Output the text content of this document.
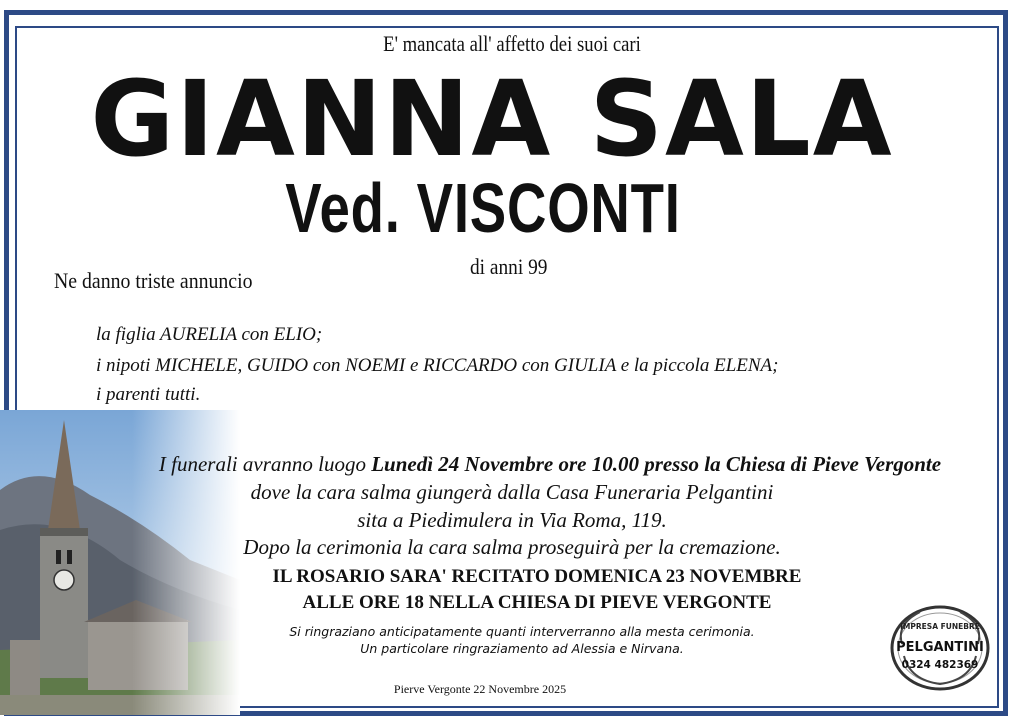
E' mancata all' affetto dei suoi cari
GIANNA SALA
Ved. VISCONTI
di anni 99
Ne danno triste annuncio
la figlia AURELIA con ELIO;
i nipoti MICHELE, GUIDO con NOEMI e RICCARDO con GIULIA e la piccola ELENA;
i parenti tutti.
I funerali avranno luogo Lunedì 24 Novembre ore 10.00 presso la Chiesa di Pieve Vergonte
dove la cara salma giungerà dalla Casa Funeraria Pelgantini
sita a Piedimulera in Via Roma, 119.
Dopo la cerimonia la cara salma proseguirà per la cremazione.
IL ROSARIO SARA' RECITATO DOMENICA 23 NOVEMBRE
ALLE ORE 18 NELLA CHIESA DI PIEVE VERGONTE
Si ringraziano anticipatamente quanti interverranno alla mesta cerimonia.
Un particolare ringraziamento ad Alessia e Nirvana.
Pierve Vergonte 22 Novembre 2025
IMPRESA FUNEBRE
PELGANTINI
0324 482369
